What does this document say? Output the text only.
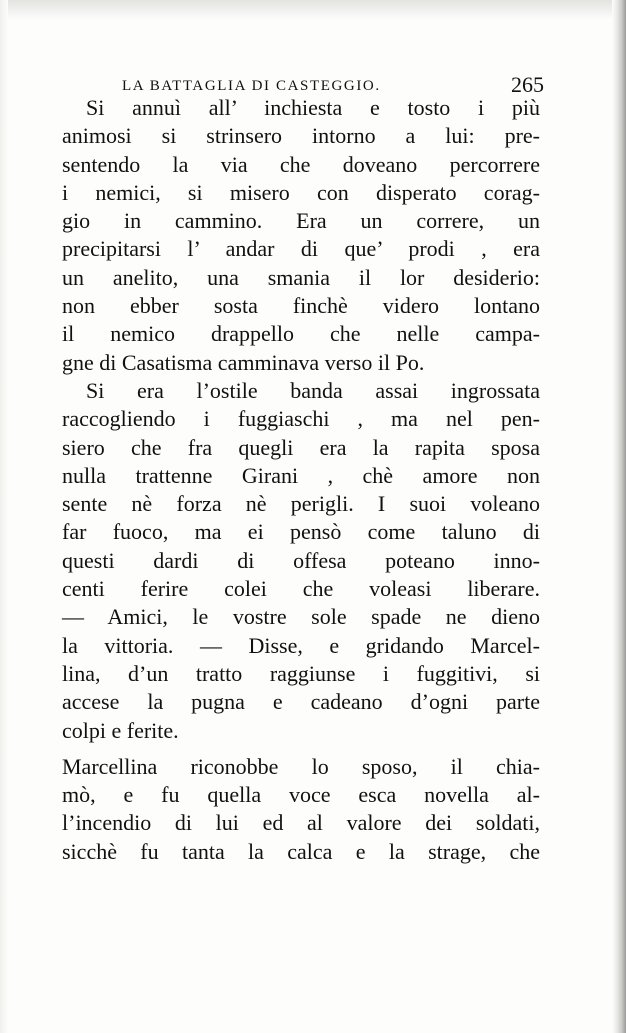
LA BATTAGLIA DI CASTEGGIO.	265
Si annuì all’ inchiesta e tosto i più
animosi si strinsero intorno a lui: pre-
sentendo la via che doveano percorrere
i nemici, si misero con disperato corag-
gio in cammino. Era un correre, un
precipitarsi l’ andar di que’ prodi , era
un anelito, una smania il lor desiderio:
non ebber sosta finchè videro lontano
il nemico drappello che nelle campa-
gne di Casatisma camminava verso il Po.
Si era l’ostile banda assai ingrossata
raccogliendo i fuggiaschi , ma nel pen-
siero che fra quegli era la rapita sposa
nulla trattenne Girani , chè amore non
sente nè forza nè perigli. I suoi voleano
far fuoco, ma ei pensò come taluno di
questi dardi di offesa poteano inno-
centi ferire colei che voleasi liberare.
— Amici, le vostre sole spade ne dieno
la vittoria. — Disse, e gridando Marcel-
lina, d’un tratto raggiunse i fuggitivi, si
accese la pugna e cadeano d’ogni parte
colpi e ferite.
Marcellina riconobbe lo sposo, il chia-
mò, e fu quella voce esca novella al-
l’incendio di lui ed al valore dei soldati,
sicchè fu tanta la calca e la strage, che
